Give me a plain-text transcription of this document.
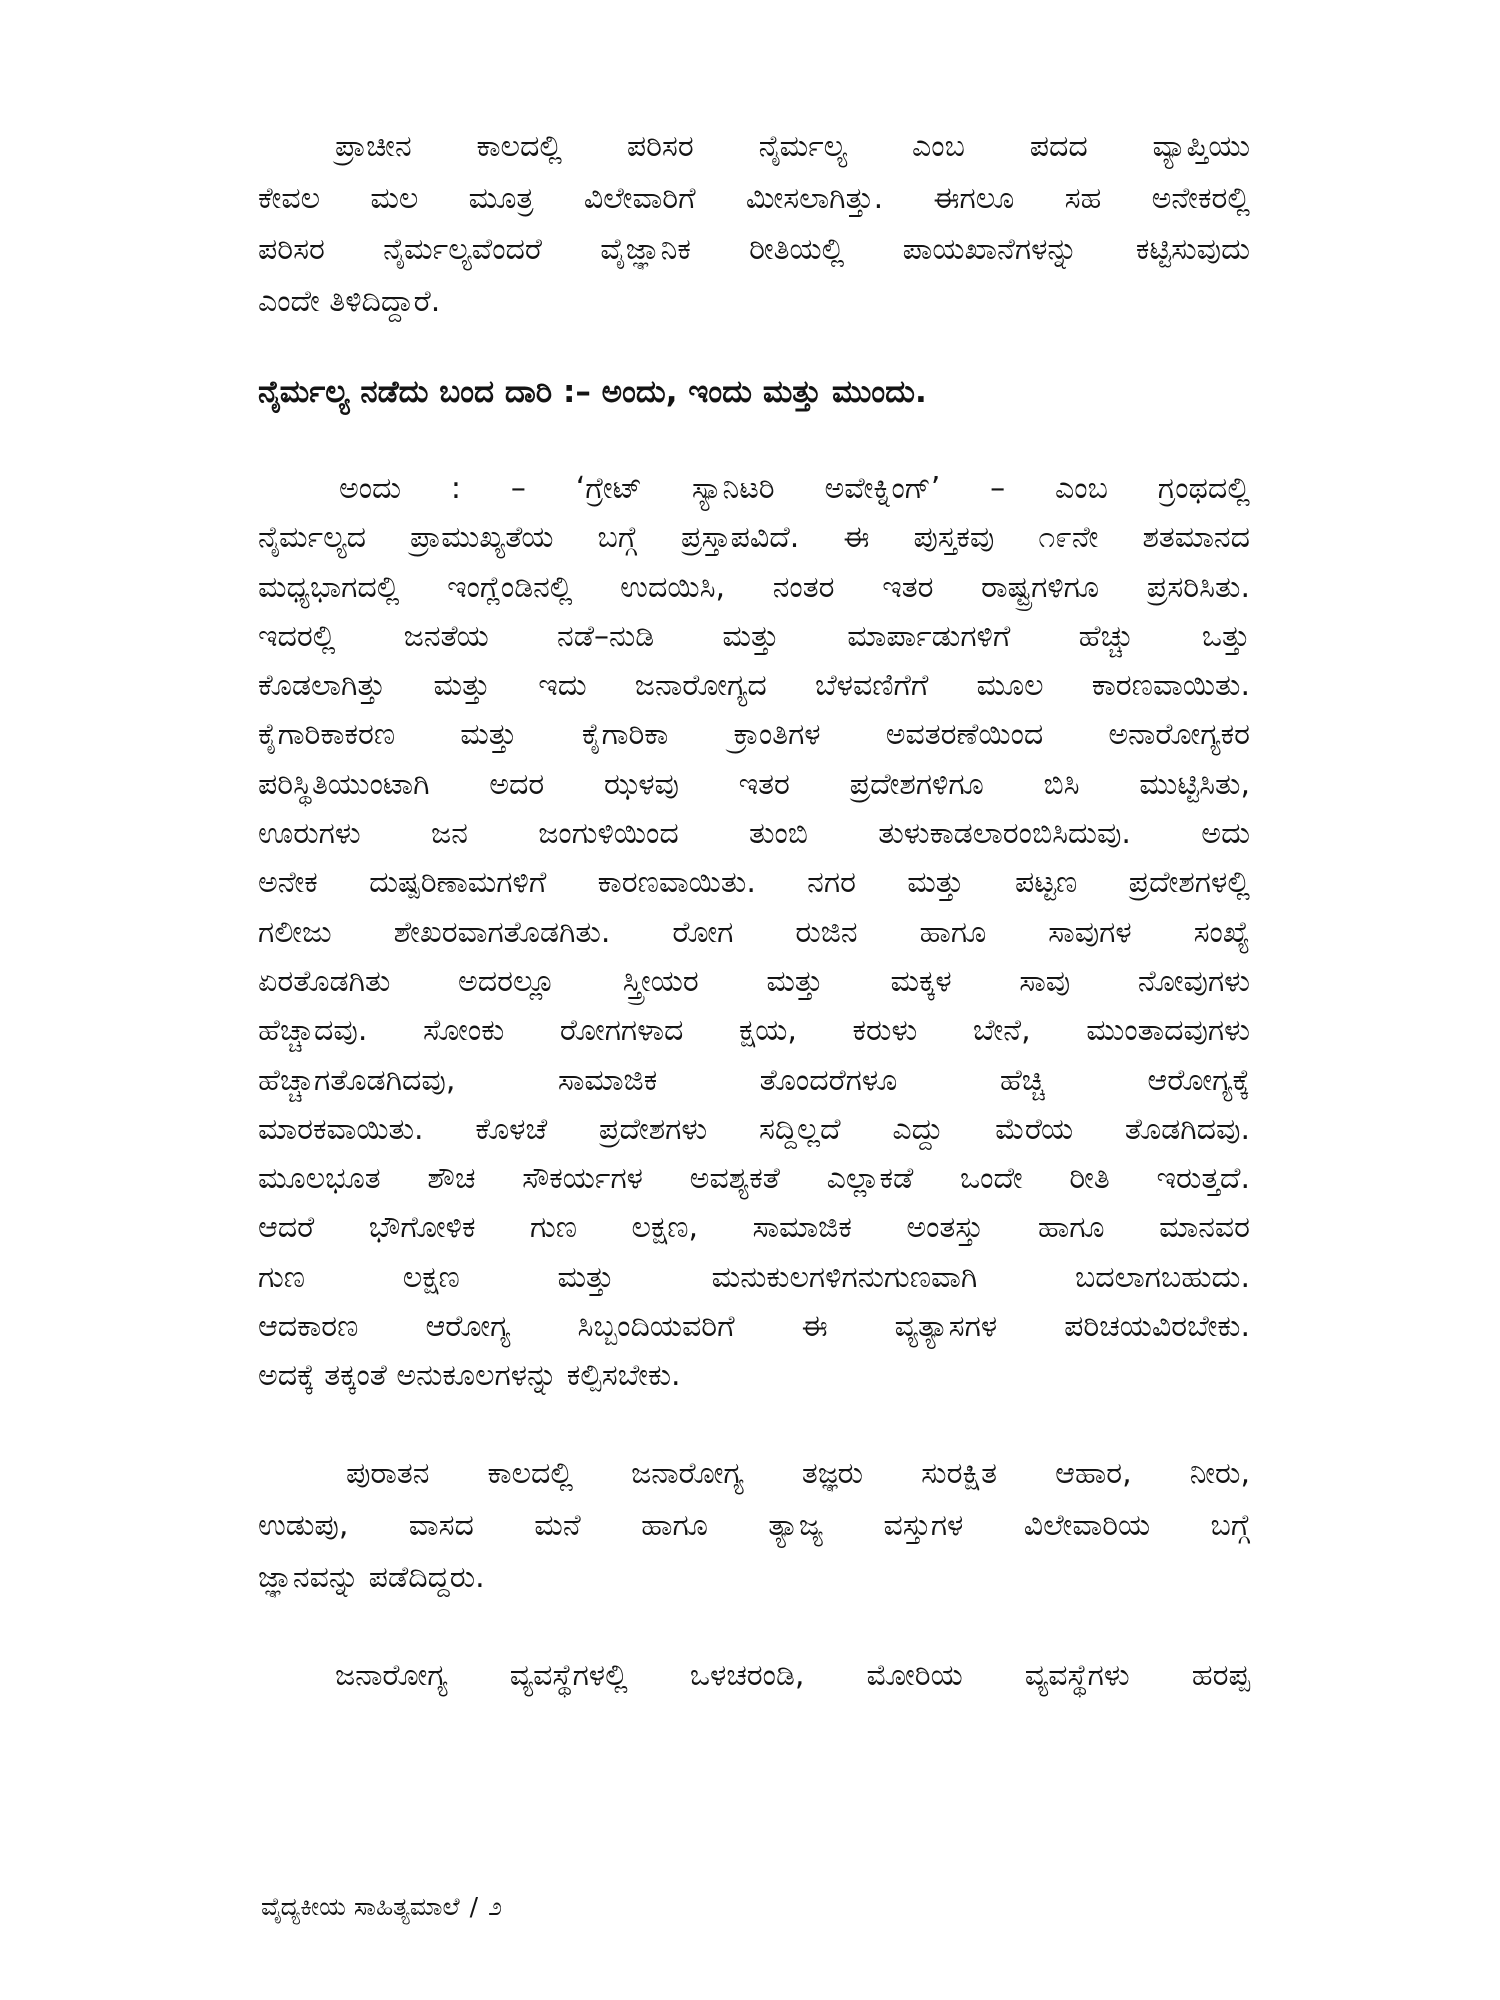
ಪ್ರಾಚೀನ ಕಾಲದಲ್ಲಿ ಪರಿಸರ ನೈರ್ಮಲ್ಯ ಎಂಬ ಪದದ ವ್ಯಾಪ್ತಿಯು
ಕೇವಲ ಮಲ ಮೂತ್ರ ವಿಲೇವಾರಿಗೆ ಮೀಸಲಾಗಿತ್ತು. ಈಗಲೂ ಸಹ ಅನೇಕರಲ್ಲಿ
ಪರಿಸರ ನೈರ್ಮಲ್ಯವೆಂದರೆ ವೈಜ್ಞಾನಿಕ ರೀತಿಯಲ್ಲಿ ಪಾಯಖಾನೆಗಳನ್ನು ಕಟ್ಟಿಸುವುದು
ಎಂದೇ ತಿಳಿದಿದ್ದಾರೆ.
ನೈರ್ಮಲ್ಯ ನಡೆದು ಬಂದ ದಾರಿ :– ಅಂದು, ಇಂದು ಮತ್ತು ಮುಂದು.
ಅಂದು : – ‘ಗ್ರೇಟ್ ಸ್ಯಾನಿಟರಿ ಅವೇಕ್ನಿಂಗ್’ – ಎಂಬ ಗ್ರಂಥದಲ್ಲಿ
ನೈರ್ಮಲ್ಯದ ಪ್ರಾಮುಖ್ಯತೆಯ ಬಗ್ಗೆ ಪ್ರಸ್ತಾಪವಿದೆ. ಈ ಪುಸ್ತಕವು ೧೯ನೇ ಶತಮಾನದ
ಮಧ್ಯಭಾಗದಲ್ಲಿ ಇಂಗ್ಲೆಂಡಿನಲ್ಲಿ ಉದಯಿಸಿ, ನಂತರ ಇತರ ರಾಷ್ಟ್ರಗಳಿಗೂ ಪ್ರಸರಿಸಿತು.
ಇದರಲ್ಲಿ ಜನತೆಯ ನಡೆ–ನುಡಿ ಮತ್ತು ಮಾರ್ಪಾಡುಗಳಿಗೆ ಹೆಚ್ಚು ಒತ್ತು
ಕೊಡಲಾಗಿತ್ತು ಮತ್ತು ಇದು ಜನಾರೋಗ್ಯದ ಬೆಳವಣಿಗೆಗೆ ಮೂಲ ಕಾರಣವಾಯಿತು.
ಕೈಗಾರಿಕಾಕರಣ ಮತ್ತು ಕೈಗಾರಿಕಾ ಕ್ರಾಂತಿಗಳ ಅವತರಣೆಯಿಂದ ಅನಾರೋಗ್ಯಕರ
ಪರಿಸ್ಥಿತಿಯುಂಟಾಗಿ ಅದರ ಝಳವು ಇತರ ಪ್ರದೇಶಗಳಿಗೂ ಬಿಸಿ ಮುಟ್ಟಿಸಿತು,
ಊರುಗಳು ಜನ ಜಂಗುಳಿಯಿಂದ ತುಂಬಿ ತುಳುಕಾಡಲಾರಂಬಿಸಿದುವು. ಅದು
ಅನೇಕ ದುಷ್ಪರಿಣಾಮಗಳಿಗೆ ಕಾರಣವಾಯಿತು. ನಗರ ಮತ್ತು ಪಟ್ಟಣ ಪ್ರದೇಶಗಳಲ್ಲಿ
ಗಲೀಜು ಶೇಖರವಾಗತೊಡಗಿತು. ರೋಗ ರುಜಿನ ಹಾಗೂ ಸಾವುಗಳ ಸಂಖ್ಯೆ
ಏರತೊಡಗಿತು ಅದರಲ್ಲೂ ಸ್ತ್ರೀಯರ ಮತ್ತು ಮಕ್ಕಳ ಸಾವು ನೋವುಗಳು
ಹೆಚ್ಚಾದವು. ಸೋಂಕು ರೋಗಗಳಾದ ಕ್ಷಯ, ಕರುಳು ಬೇನೆ, ಮುಂತಾದವುಗಳು
ಹೆಚ್ಚಾಗತೊಡಗಿದವು, ಸಾಮಾಜಿಕ ತೊಂದರೆಗಳೂ ಹೆಚ್ಚಿ ಆರೋಗ್ಯಕ್ಕೆ
ಮಾರಕವಾಯಿತು. ಕೊಳಚೆ ಪ್ರದೇಶಗಳು ಸದ್ದಿಲ್ಲದೆ ಎದ್ದು ಮೆರೆಯ ತೊಡಗಿದವು.
ಮೂಲಭೂತ ಶೌಚ ಸೌಕರ್ಯಗಳ ಅವಶ್ಯಕತೆ ಎಲ್ಲಾಕಡೆ ಒಂದೇ ರೀತಿ ಇರುತ್ತದೆ.
ಆದರೆ ಭೌಗೋಳಿಕ ಗುಣ ಲಕ್ಷಣ, ಸಾಮಾಜಿಕ ಅಂತಸ್ತು ಹಾಗೂ ಮಾನವರ
ಗುಣ ಲಕ್ಷಣ ಮತ್ತು ಮನುಕುಲಗಳಿಗನುಗುಣವಾಗಿ ಬದಲಾಗಬಹುದು.
ಆದಕಾರಣ ಆರೋಗ್ಯ ಸಿಬ್ಬಂದಿಯವರಿಗೆ ಈ ವ್ಯತ್ಯಾಸಗಳ ಪರಿಚಯವಿರಬೇಕು.
ಅದಕ್ಕೆ ತಕ್ಕಂತೆ ಅನುಕೂಲಗಳನ್ನು ಕಲ್ಪಿಸಬೇಕು.
ಪುರಾತನ ಕಾಲದಲ್ಲಿ ಜನಾರೋಗ್ಯ ತಜ್ಞರು ಸುರಕ್ಷಿತ ಆಹಾರ, ನೀರು,
ಉಡುಪು, ವಾಸದ ಮನೆ ಹಾಗೂ ತ್ಯಾಜ್ಯ ವಸ್ತುಗಳ ವಿಲೇವಾರಿಯ ಬಗ್ಗೆ
ಜ್ಞಾನವನ್ನು ಪಡೆದಿದ್ದರು.
ಜನಾರೋಗ್ಯ ವ್ಯವಸ್ಥೆಗಳಲ್ಲಿ ಒಳಚರಂಡಿ, ಮೋರಿಯ ವ್ಯವಸ್ಥೆಗಳು ಹರಪ್ಪ
ವೈದ್ಯಕೀಯ ಸಾಹಿತ್ಯಮಾಲೆ / ೨
